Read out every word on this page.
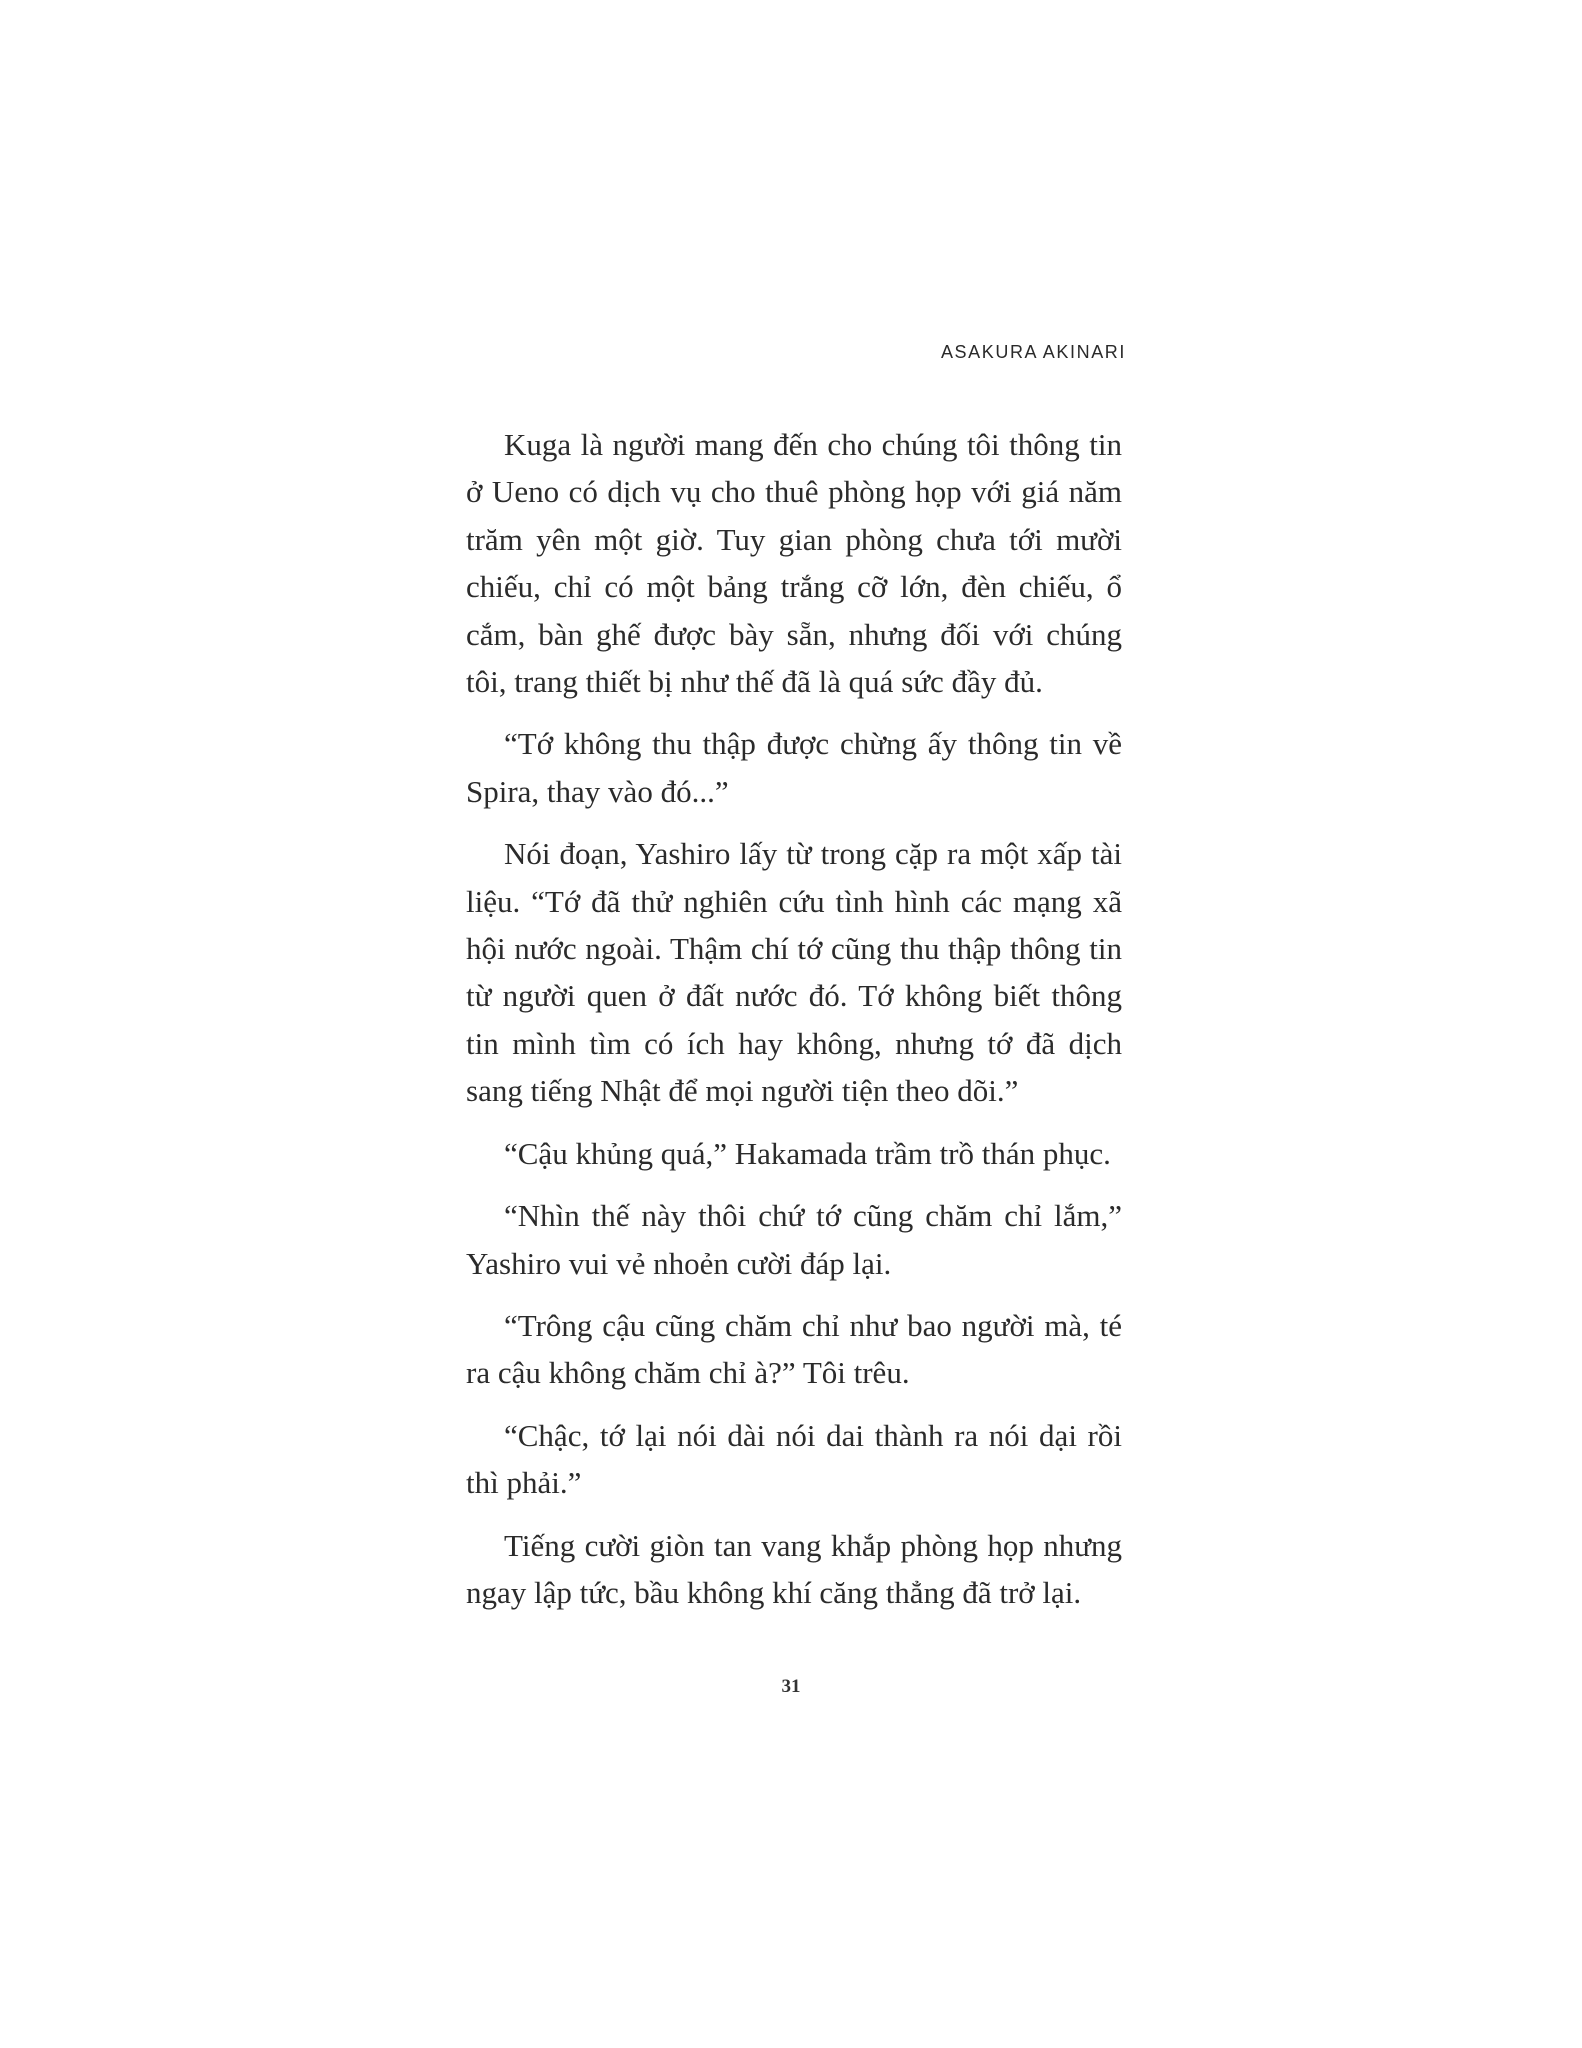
ASAKURA AKINARI

Kuga là người mang đến cho chúng tôi thông tin ở Ueno có dịch vụ cho thuê phòng họp với giá năm trăm yên một giờ. Tuy gian phòng chưa tới mười chiếu, chỉ có một bảng trắng cỡ lớn, đèn chiếu, ổ cắm, bàn ghế được bày sẵn, nhưng đối với chúng tôi, trang thiết bị như thế đã là quá sức đầy đủ.

“Tớ không thu thập được chừng ấy thông tin về Spira, thay vào đó...”

Nói đoạn, Yashiro lấy từ trong cặp ra một xấp tài liệu. “Tớ đã thử nghiên cứu tình hình các mạng xã hội nước ngoài. Thậm chí tớ cũng thu thập thông tin từ người quen ở đất nước đó. Tớ không biết thông tin mình tìm có ích hay không, nhưng tớ đã dịch sang tiếng Nhật để mọi người tiện theo dõi.”

“Cậu khủng quá,” Hakamada trầm trồ thán phục.

“Nhìn thế này thôi chứ tớ cũng chăm chỉ lắm,” Yashiro vui vẻ nhoẻn cười đáp lại.

“Trông cậu cũng chăm chỉ như bao người mà, té ra cậu không chăm chỉ à?” Tôi trêu.

“Chậc, tớ lại nói dài nói dai thành ra nói dại rồi thì phải.”

Tiếng cười giòn tan vang khắp phòng họp nhưng ngay lập tức, bầu không khí căng thẳng đã trở lại.

31
